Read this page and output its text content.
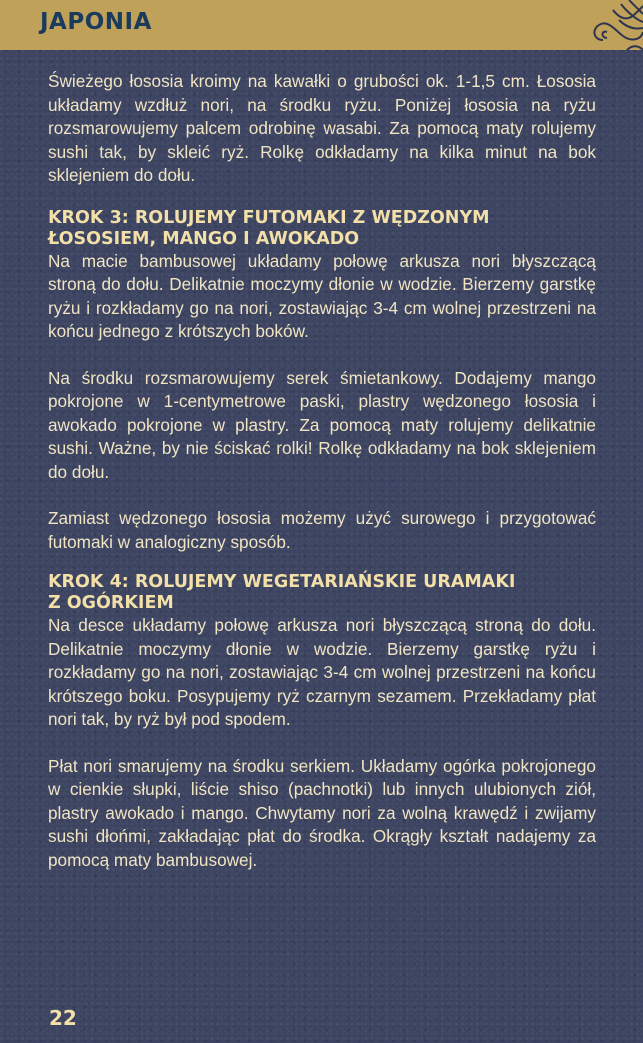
JAPONIA

Świeżego łososia kroimy na kawałki o grubości ok. 1-1,5 cm. Łososia układamy wzdłuż nori, na środku ryżu. Poniżej łososia na ryżu rozsmarowujemy palcem odrobinę wasabi. Za pomocą maty rolujemy sushi tak, by skleić ryż. Rolkę odkładamy na kilka minut na bok sklejeniem do dołu.

KROK 3: ROLUJEMY FUTOMAKI Z WĘDZONYM
ŁOSOSIEM, MANGO I AWOKADO

Na macie bambusowej układamy połowę arkusza nori błyszczącą stroną do dołu. Delikatnie moczymy dłonie w wodzie. Bierzemy garstkę ryżu i rozkładamy go na nori, zostawiając 3-4 cm wolnej przestrzeni na końcu jednego z krótszych boków.

Na środku rozsmarowujemy serek śmietankowy. Dodajemy mango pokrojone w 1-centymetrowe paski, plastry wędzonego łososia i awokado pokrojone w plastry. Za pomocą maty rolujemy delikatnie sushi. Ważne, by nie ściskać rolki! Rolkę odkładamy na bok sklejeniem do dołu.

Zamiast wędzonego łososia możemy użyć surowego i przygotować futomaki w analogiczny sposób.

KROK 4: ROLUJEMY WEGETARIAŃSKIE URAMAKI
Z OGÓRKIEM

Na desce układamy połowę arkusza nori błyszczącą stroną do dołu. Delikatnie moczymy dłonie w wodzie. Bierzemy garstkę ryżu i rozkładamy go na nori, zostawiając 3-4 cm wolnej przestrzeni na końcu krótszego boku. Posypujemy ryż czarnym sezamem. Przekładamy płat nori tak, by ryż był pod spodem.

Płat nori smarujemy na środku serkiem. Układamy ogórka pokrojonego w cienkie słupki, liście shiso (pachnotki) lub innych ulubionych ziół, plastry awokado i mango. Chwytamy nori za wolną krawędź i zwijamy sushi dłońmi, zakładając płat do środka. Okrągły kształt nadajemy za pomocą maty bambusowej.

22
